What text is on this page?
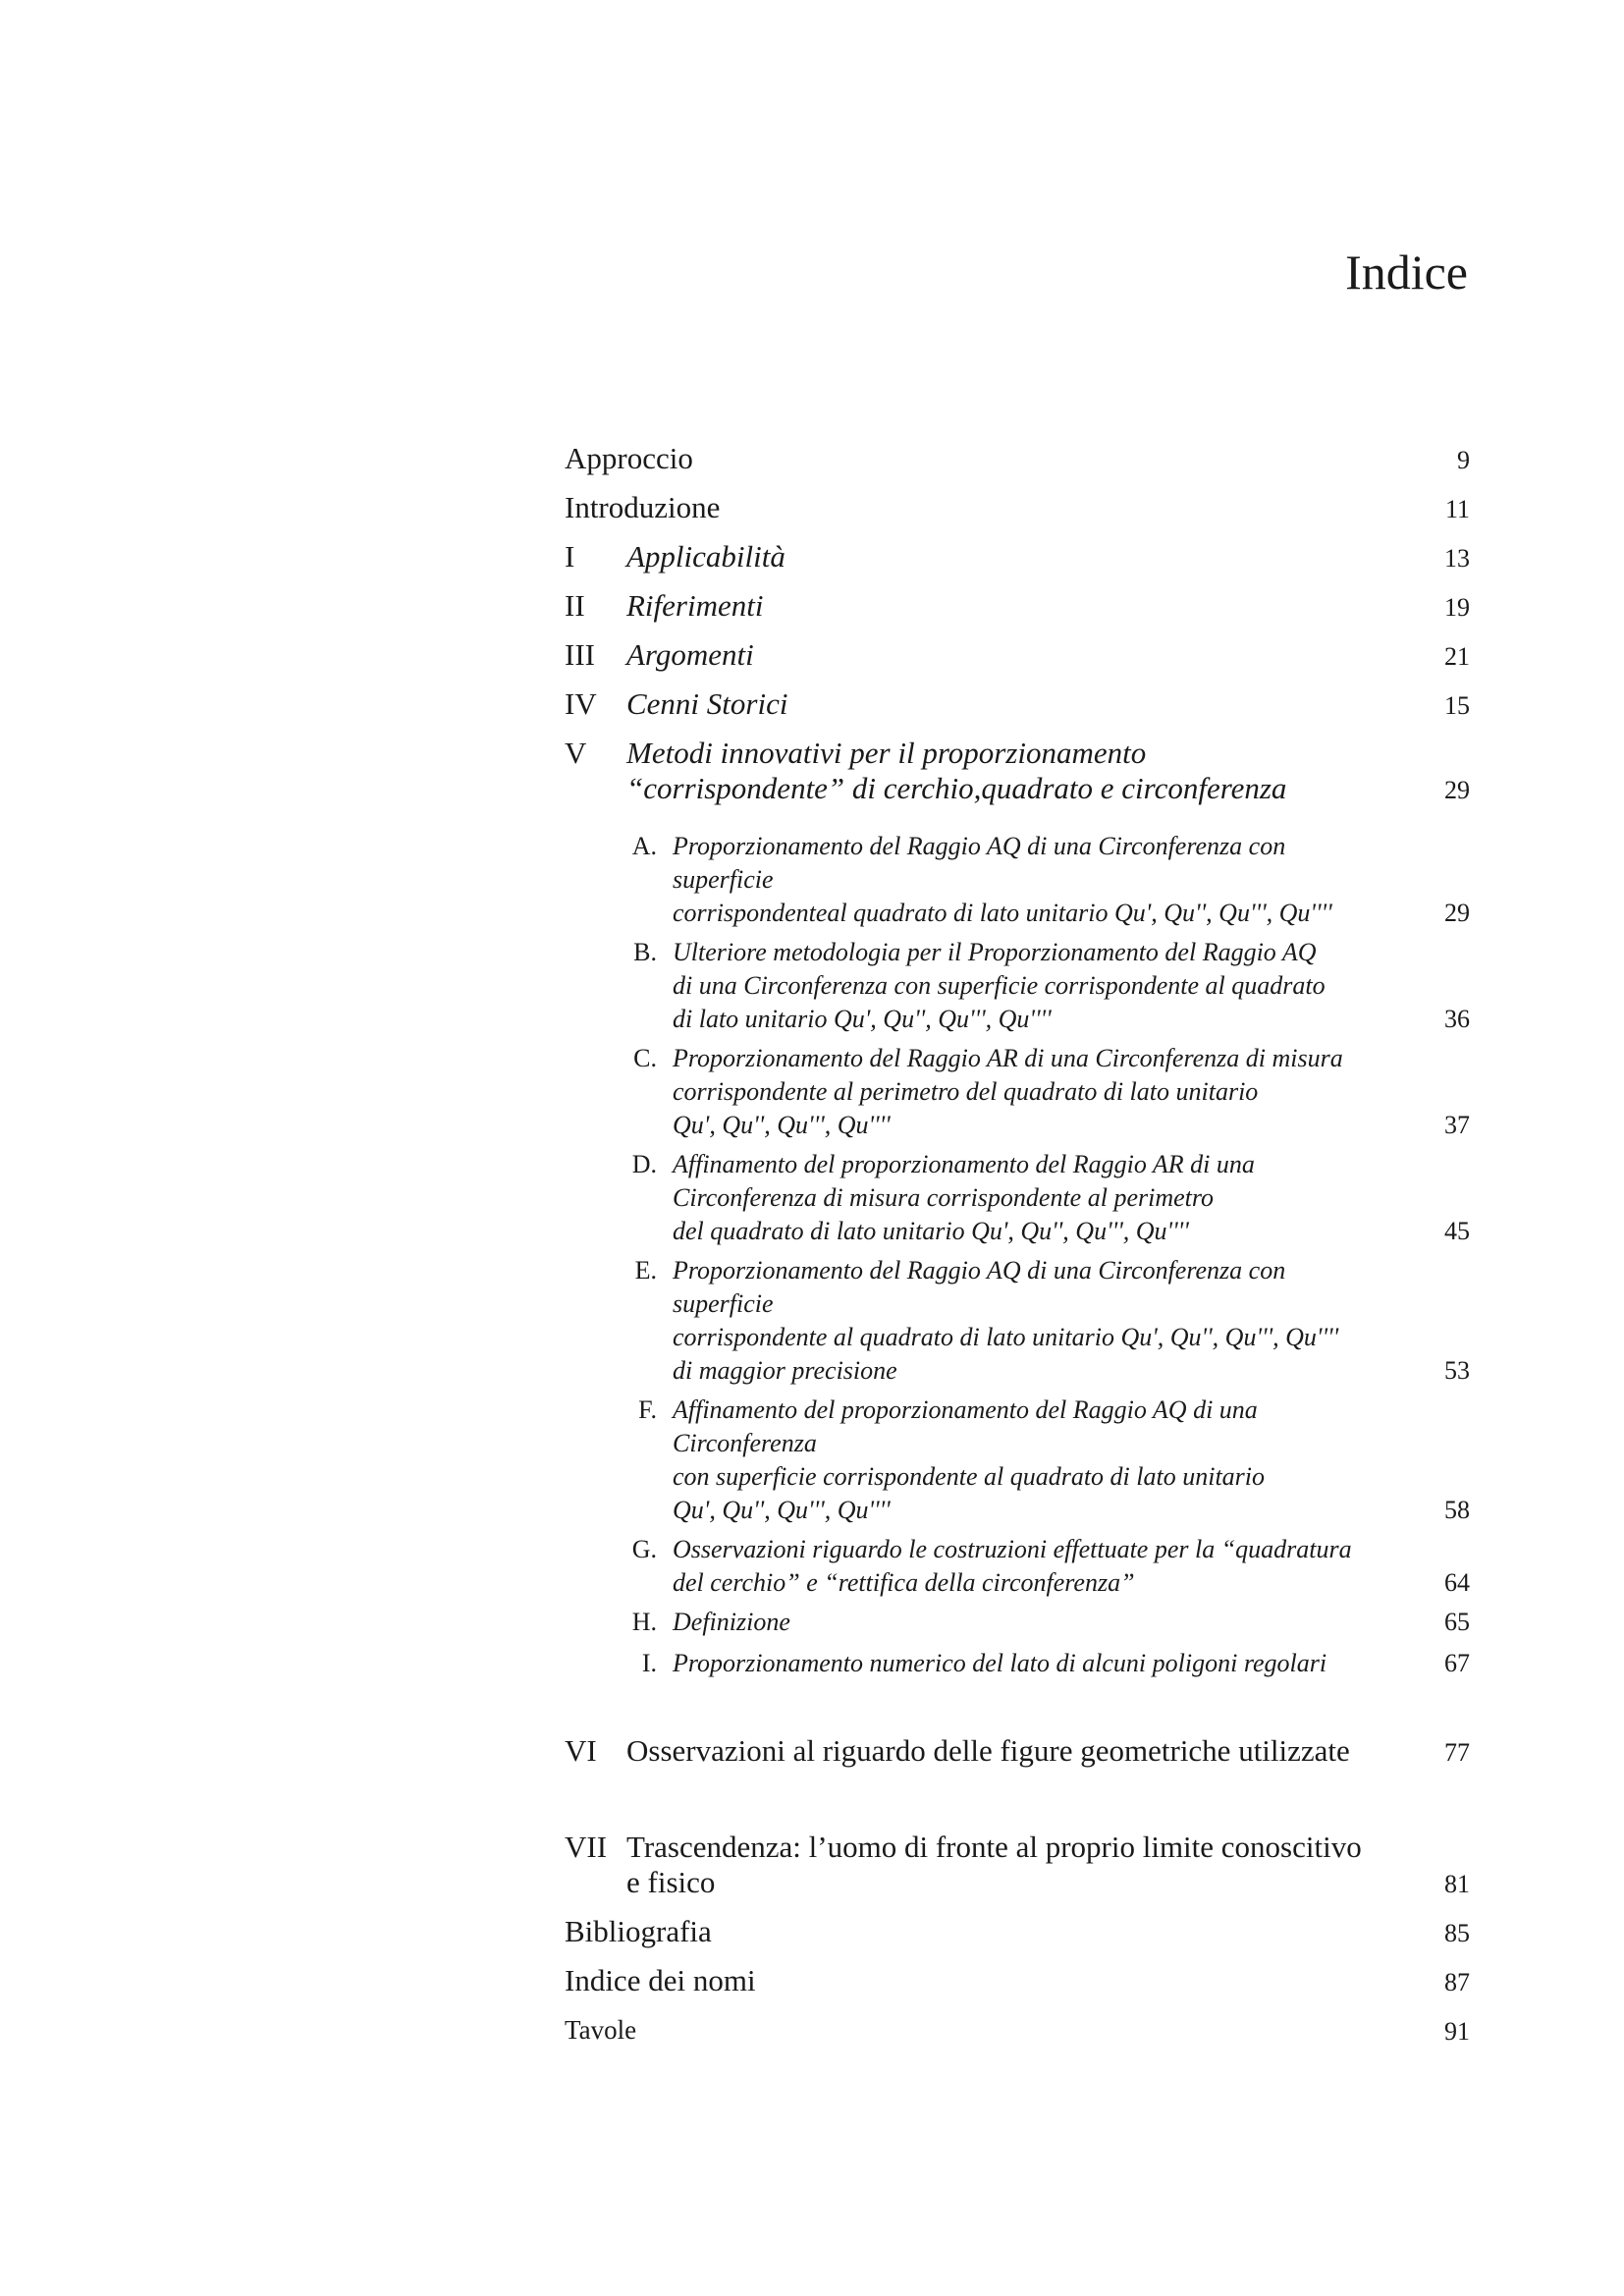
Indice
Approccio	9
Introduzione	11
I Applicabilità	13
II Riferimenti	19
III Argomenti	21
IV Cenni Storici	15
V Metodi innovativi per il proporzionamento
“corrispondente” di cerchio,quadrato e circonferenza	29
A. Proporzionamento del Raggio AQ di una Circonferenza con superficie
corrispondenteal quadrato di lato unitario Qu', Qu'', Qu''', Qu''''	29
B. Ulteriore metodologia per il Proporzionamento del Raggio AQ
di una Circonferenza con superficie corrispondente al quadrato
di lato unitario Qu', Qu'', Qu''', Qu''''	36
C. Proporzionamento del Raggio AR di una Circonferenza di misura
corrispondente al perimetro del quadrato di lato unitario
Qu', Qu'', Qu''', Qu''''	37
D. Affinamento del proporzionamento del Raggio AR di una
Circonferenza di misura corrispondente al perimetro
del quadrato di lato unitario Qu', Qu'', Qu''', Qu''''	45
E. Proporzionamento del Raggio AQ di una Circonferenza con superficie
corrispondente al quadrato di lato unitario Qu', Qu'', Qu''', Qu''''
di maggior precisione	53
F. Affinamento del proporzionamento del Raggio AQ di una Circonferenza
con superficie corrispondente al quadrato di lato unitario
Qu', Qu'', Qu''', Qu''''	58
G. Osservazioni riguardo le costruzioni effettuate per la “quadratura
del cerchio” e “rettifica della circonferenza”	64
H. Definizione	65
I. Proporzionamento numerico del lato di alcuni poligoni regolari	67
VI Osservazioni al riguardo delle figure geometriche utilizzate	77
VII Trascendenza: l’uomo di fronte al proprio limite conoscitivo
e fisico	81
Bibliografia	85
Indice dei nomi	87
Tavole	91
